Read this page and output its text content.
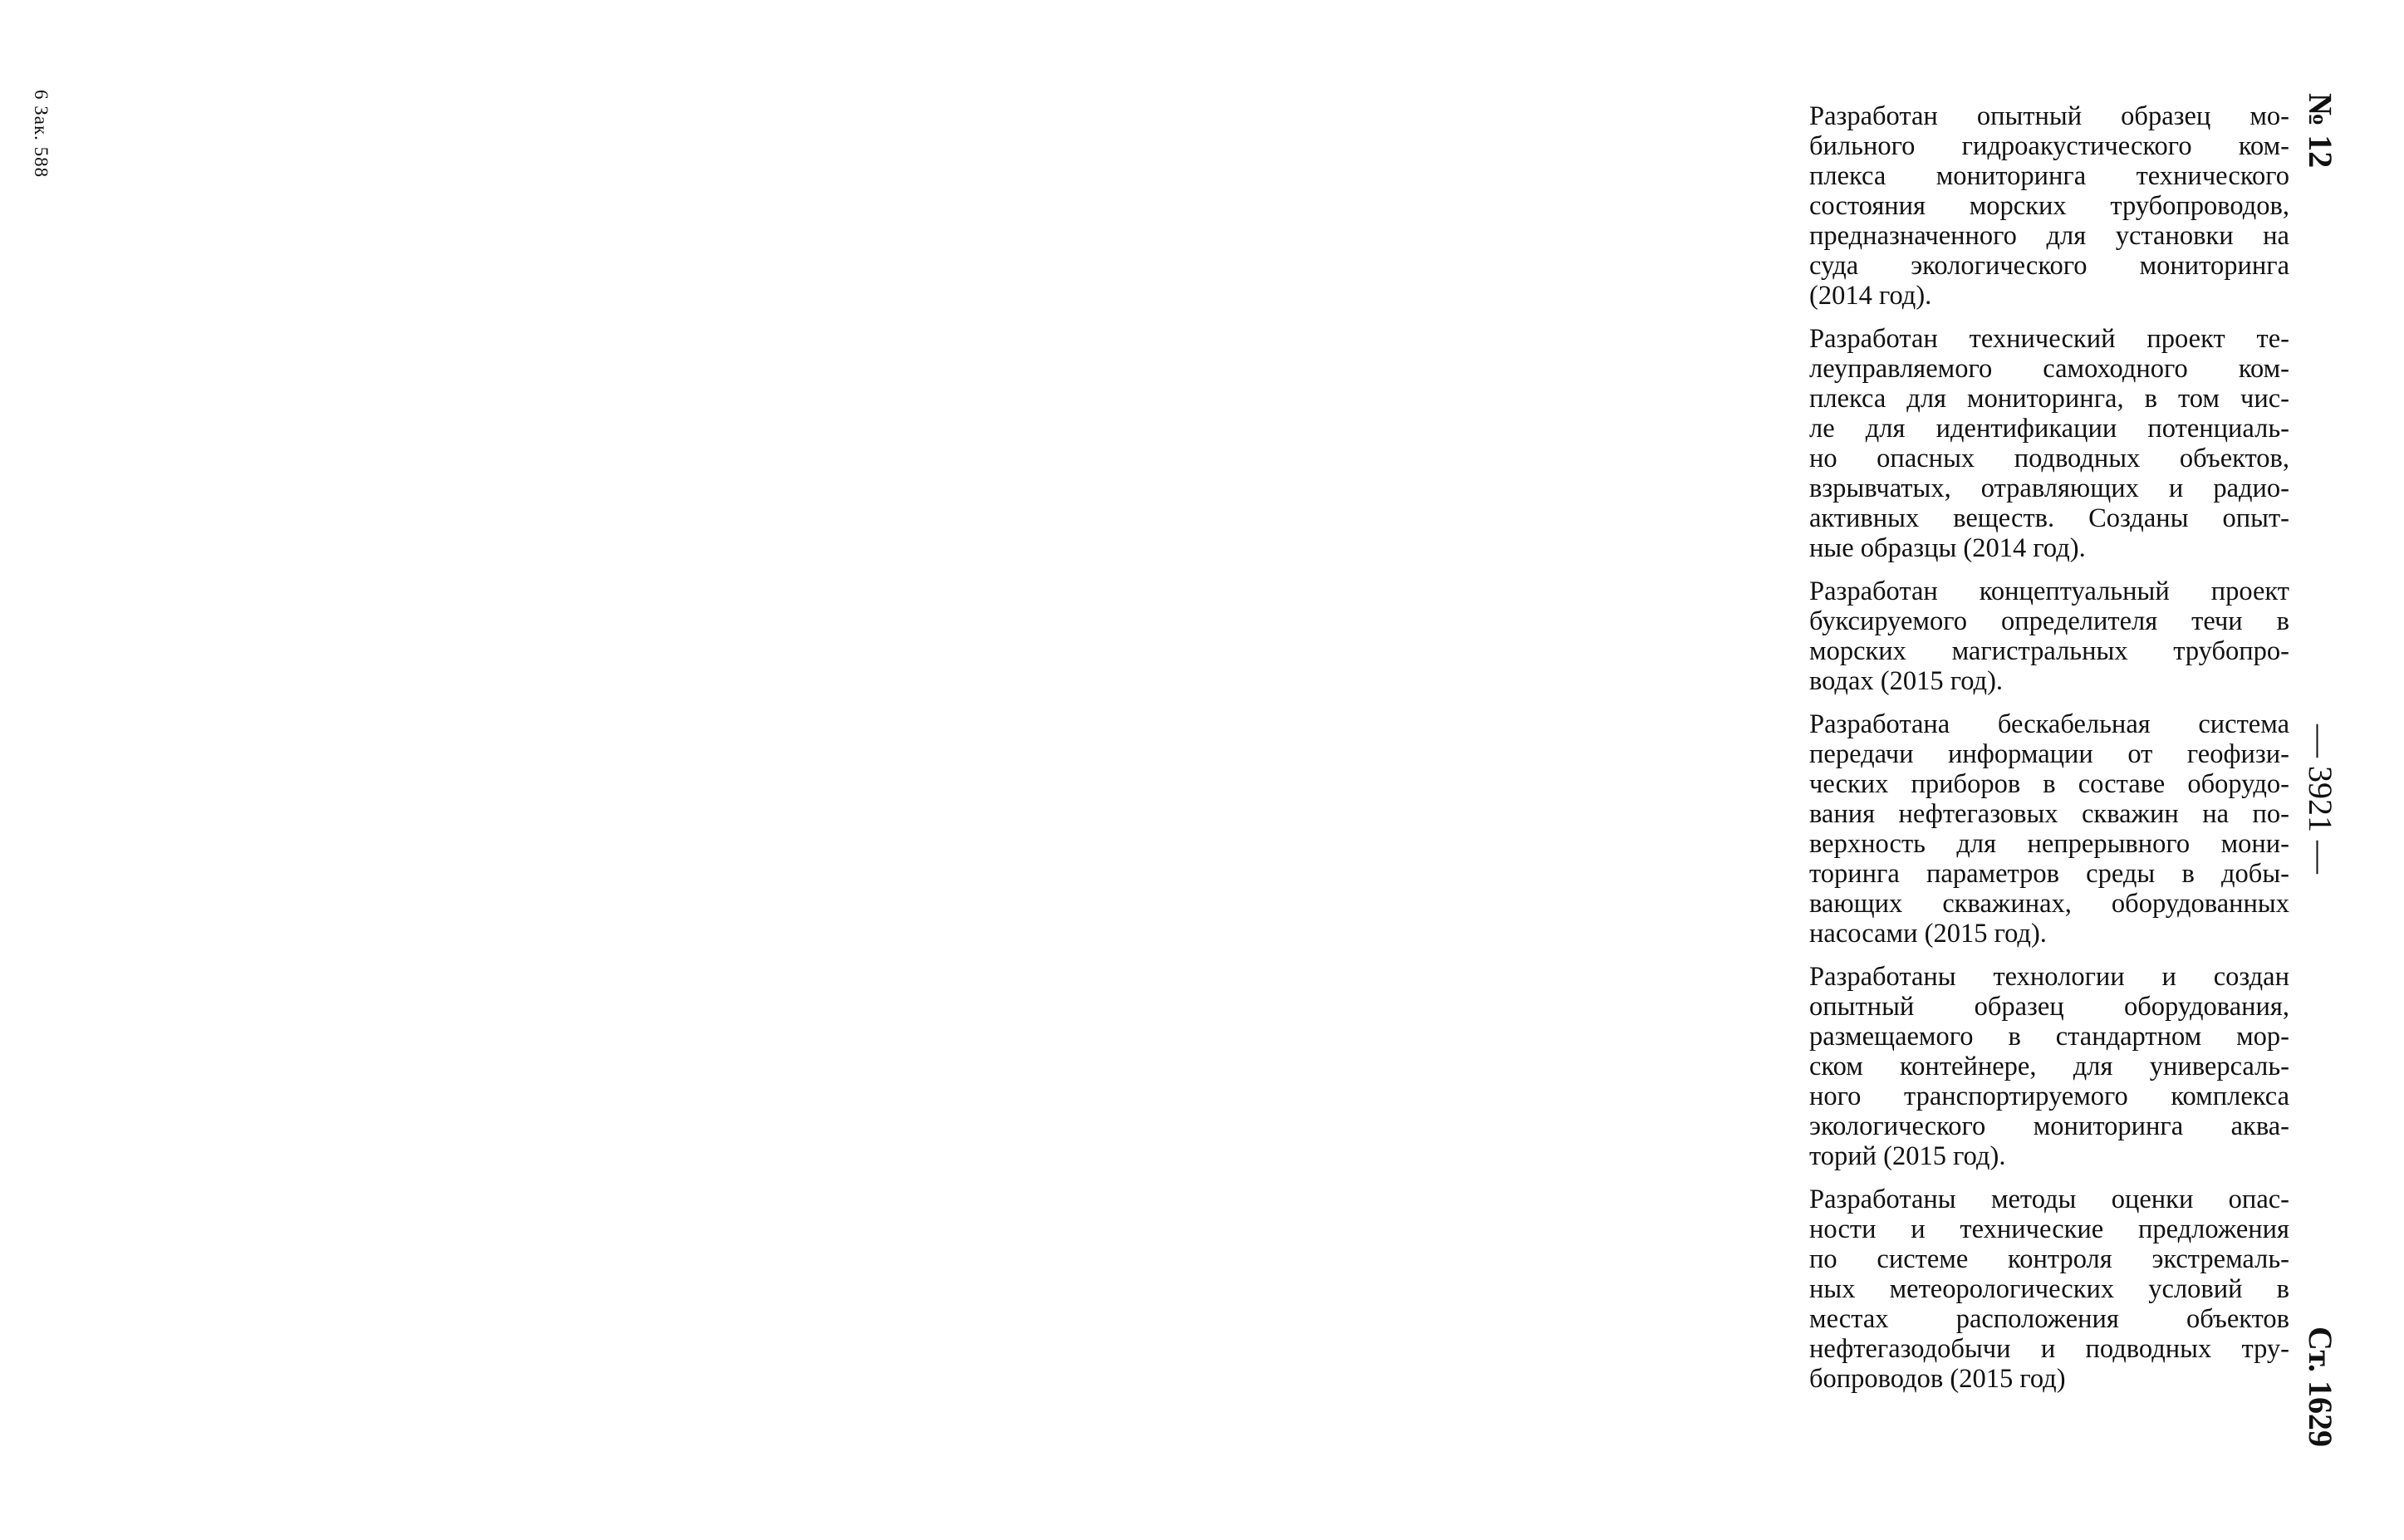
6 Зак. 588	Разработан опытный образец мо-
бильного гидроакустического ком-
плекса мониторинга технического
состояния морских трубопроводов,
предназначенного для установки на
суда экологического мониторинга
(2014 год).

Разработан технический проект те-
леуправляемого самоходного ком-
плекса для мониторинга, в том чис-
ле для идентификации потенциаль-
но опасных подводных объектов,
взрывчатых, отравляющих и радио-
активных веществ. Созданы опыт-
ные образцы (2014 год).

Разработан концептуальный проект
буксируемого определителя течи в
морских магистральных трубопро-
водах (2015 год).

Разработана бескабельная система
передачи информации от геофизи-
ческих приборов в составе оборудо-
вания нефтегазовых скважин на по-
верхность для непрерывного мони-
торинга параметров среды в добы-
вающих скважинах, оборудованных
насосами (2015 год).

Разработаны технологии и создан
опытный образец оборудования,
размещаемого в стандартном мор-
ском контейнере, для универсаль-
ного транспортируемого комплекса
экологического мониторинга аква-
торий (2015 год).

Разработаны методы оценки опас-
ности и технические предложения
по системе контроля экстремаль-
ных метеорологических условий в
местах расположения объектов
нефтегазодобычи и подводных тру-
бопроводов (2015 год)

№ 12
— 3921 —
Ст. 1629
